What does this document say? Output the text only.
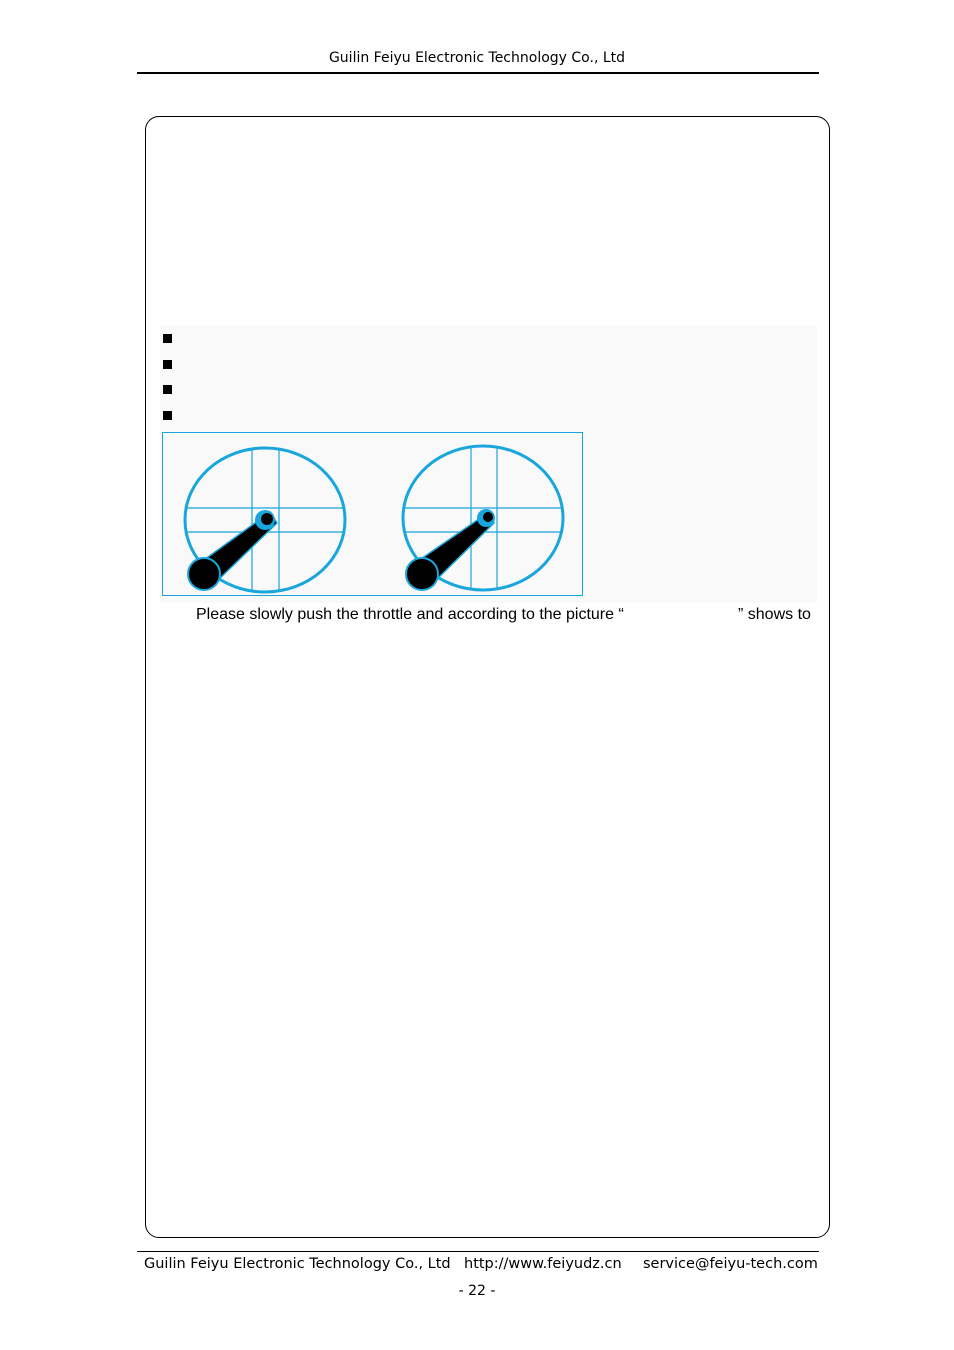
Guilin Feiyu Electronic Technology Co., Ltd
Please slowly push the throttle and according to the picture “	” shows to
Guilin Feiyu Electronic Technology Co., Ltd http://www.feiyudz.cn service@feiyu-tech.com
- 22 -
